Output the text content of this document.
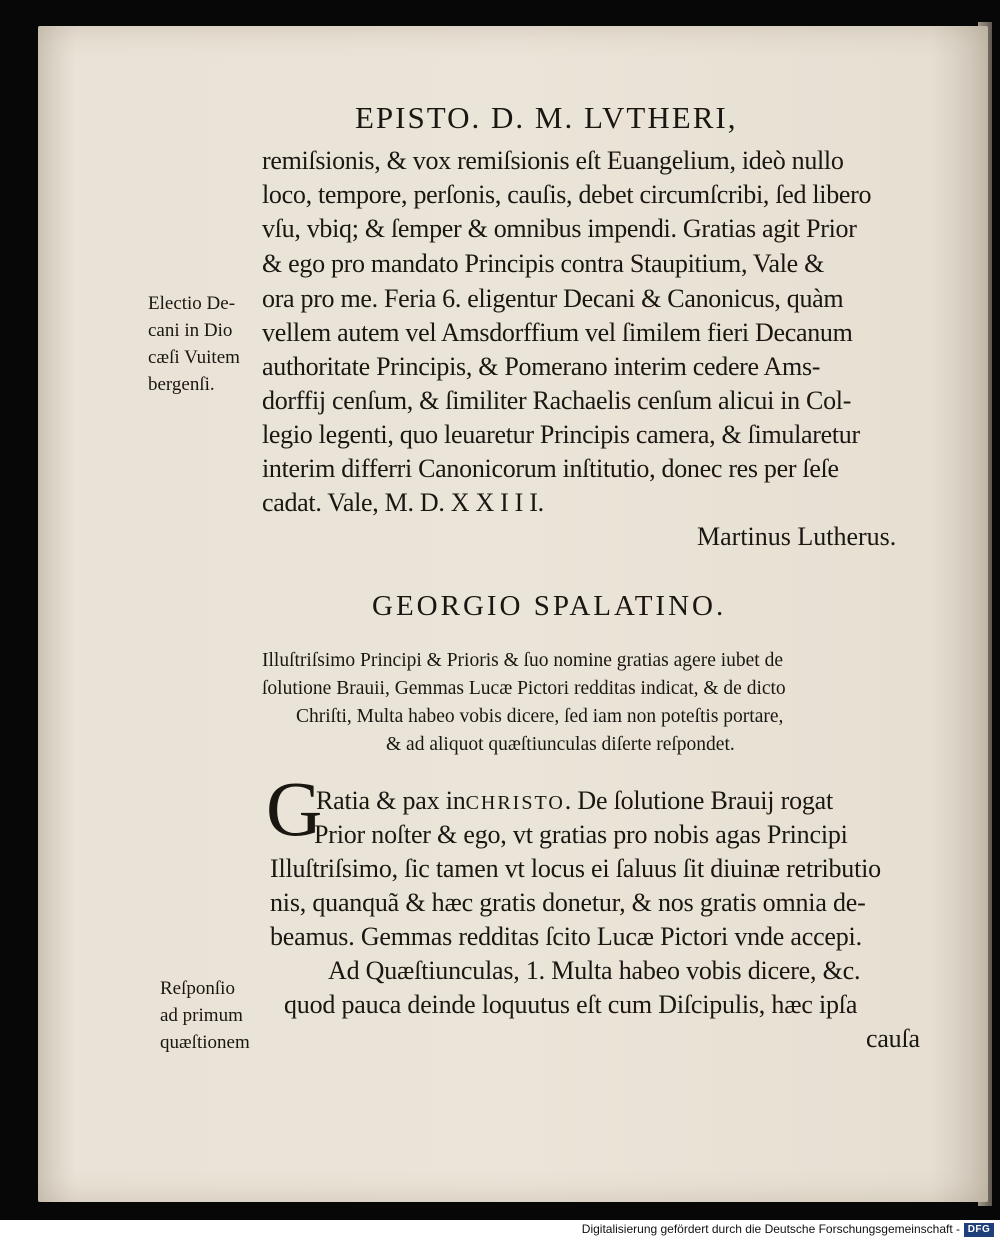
EPISTO. D. M. LVTHERI,
remiſsionis, & vox remiſsionis eſt Euangelium, ideò nullo
loco, tempore, perſonis, cauſis, debet circumſcribi, ſed libero
vſu, vbiq; & ſemper & omnibus impendi. Gratias agit Prior
& ego pro mandato Principis contra Staupitium, Vale &
ora pro me. Feria 6. eligentur Decani & Canonicus, quàm
vellem autem vel Amsdorffium vel ſimilem fieri Decanum
authoritate Principis, & Pomerano interim cedere Ams-
dorffij cenſum, & ſimiliter Rachaelis cenſum alicui in Col-
legio legenti, quo leuaretur Principis camera, & ſimularetur
interim differri Canonicorum inſtitutio, donec res per ſeſe
cadat. Vale, M. D. X X I I I.
Electio De-
cani in Dio
cæſi Vuitem
bergenſi.
Martinus Lutherus.
GEORGIO SPALATINO.
Illuſtriſsimo Principi & Prioris & ſuo nomine gratias agere iubet de
ſolutione Brauii, Gemmas Lucæ Pictori redditas indicat, & de dicto
Chriſti, Multa habeo vobis dicere, ſed iam non poteſtis portare,
& ad aliquot quæſtiunculas diſerte reſpondet.
G
Ratia & pax inCHRISTO. De ſolutione Brauij rogat
Prior noſter & ego, vt gratias pro nobis agas Principi
Illuſtriſsimo, ſic tamen vt locus ei ſaluus ſit diuinæ retributio
nis, quanquã & hæc gratis donetur, & nos gratis omnia de-
beamus. Gemmas redditas ſcito Lucæ Pictori vnde accepi.
Ad Quæſtiunculas, 1. Multa habeo vobis dicere, &c.
quod pauca deinde loquutus eſt cum Diſcipulis, hæc ipſa
cauſa
Reſponſio
ad primum
quæſtionem
Digitalisierung gefördert durch die Deutsche Forschungsgemeinschaft - DFG
